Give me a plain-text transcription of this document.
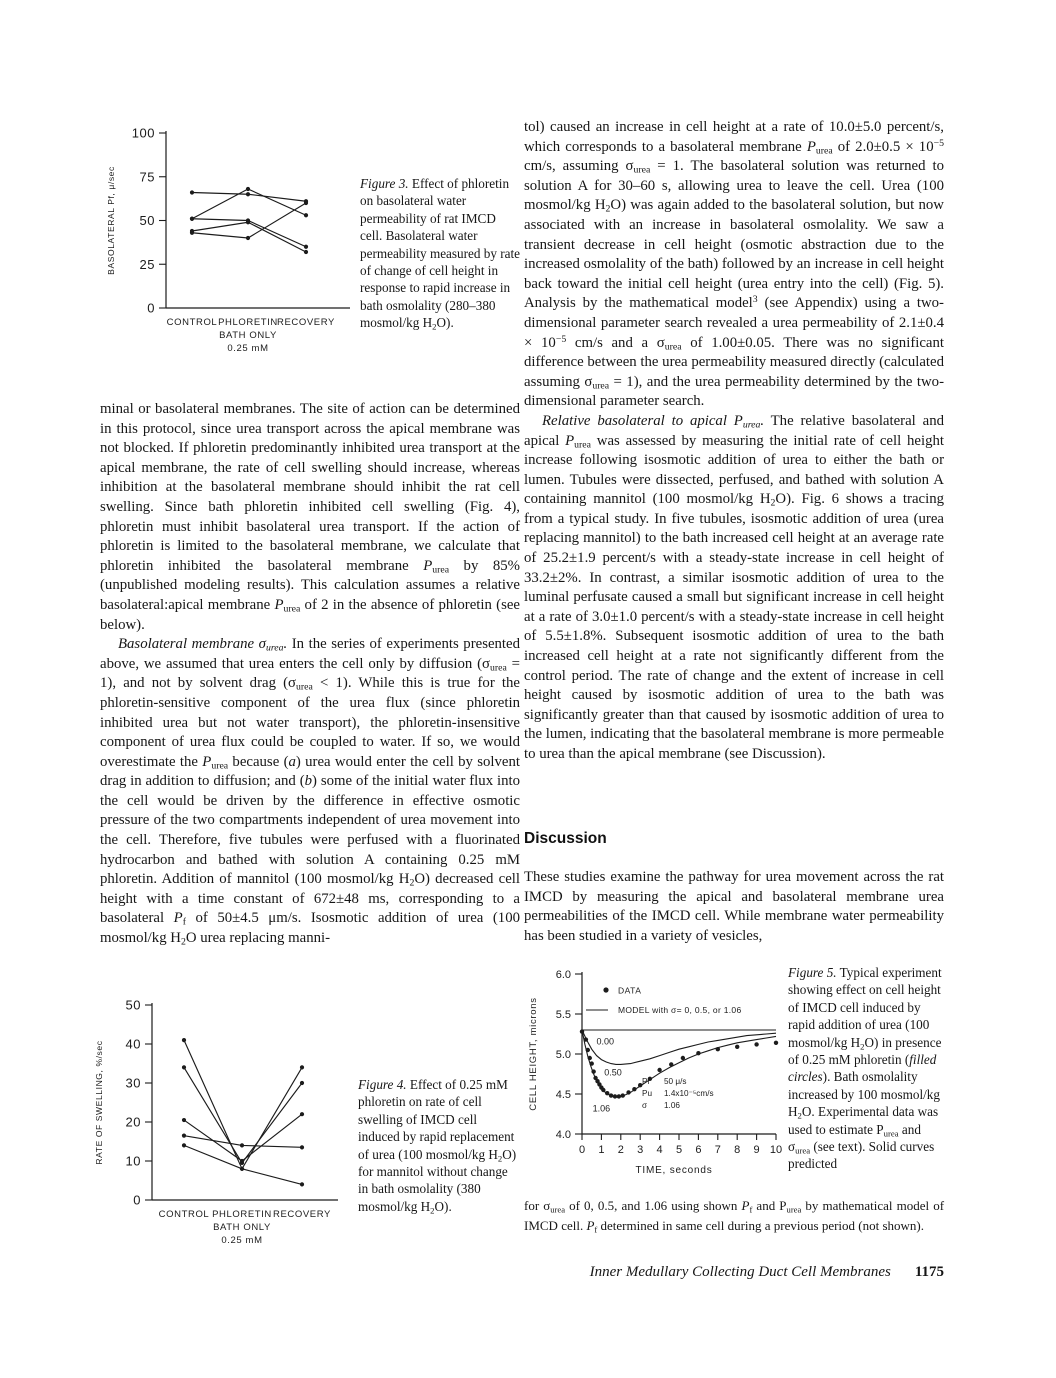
0
25
50
75
100
CONTROL PHLORETIN
BATH ONLY
0.25 mM
RECOVERY
BASOLATERAL Pf, μ/sec	Figure 3. Effect of phloretin on basolateral water permeability of rat IMCD cell. Basolateral water permeability measured by rate of change of cell height in response to rapid increase in bath osmolality (280–380 mosmol/kg $H_2O$).

minal or basolateral membranes. The site of action can be determined in this protocol, since urea transport across the apical membrane was not blocked. If phloretin predominantly inhibited urea transport at the apical membrane, the rate of cell swelling should increase, whereas inhibition at the basolateral membrane should inhibit the rat cell swelling. Since bath phloretin inhibited cell swelling (Fig. 4), phloretin must inhibit basolateral urea transport. If the action of phloretin is limited to the basolateral membrane, we calculate that phloretin inhibited the basolateral membrane $P_{urea}$ by 85% (unpublished modeling results). This calculation assumes a relative basolateral:apical membrane $P_{urea}$ of 2 in the absence of phloretin (see below).

Basolateral membrane $\sigma_{urea}$. In the series of experiments presented above, we assumed that urea enters the cell only by diffusion $(\sigma_{urea} = 1)$, and not by solvent drag $(\sigma_{urea} < 1)$. While this is true for the phloretin-sensitive component of the urea flux (since phloretin inhibited urea but not water transport), the phloretin-insensitive component of urea flux could be coupled to water. If so, we would overestimate the $P_{urea}$ because (a) urea would enter the cell by solvent drag in addition to diffusion; and (b) some of the initial water flux into the cell would be driven by the difference in effective osmotic pressure of the two compartments independent of urea movement into the cell. Therefore, five tubules were perfused with a fluorinated hydrocarbon and bathed with solution A containing 0.25 mM phloretin. Addition of mannitol (100 mosmol/kg $H_2O$) decreased cell height with a time constant of 672±48 ms, corresponding to a basolateral $P_f$ of 50±4.5 μm/s. Isosmotic addition of urea (100 mosmol/kg $H_2O$ urea replacing manni-

0
10
20
30
40
50
CONTROL PHLORETIN
BATH ONLY
0.25 mM
RECOVERY
RATE OF SWELLING, %/sec	Figure 4. Effect of 0.25 mM phloretin on rate of cell swelling of IMCD cell induced by rapid replacement of urea (100 mosmol/kg $H_2O$) for mannitol without change in bath osmolality (380 mosmol/kg $H_2O$).

tol) caused an increase in cell height at a rate of 10.0±5.0 percent/s, which corresponds to a basolateral membrane $P_{urea}$ of $2.0\pm 0.5 \times 10^{-5}$ cm/s, assuming $\sigma_{urea} = 1$. The basolateral solution was returned to solution A for 30–60 s, allowing urea to leave the cell. Urea (100 mosmol/kg $H_2O$) was again added to the basolateral solution, but now associated with an increase in basolateral osmolality. We saw a transient decrease in cell height (osmotic abstraction due to the increased osmolality of the bath) followed by an increase in cell height back toward the initial cell height (urea entry into the cell) (Fig. 5). Analysis by the mathematical model$^3$ (see Appendix) using a two-dimensional parameter search revealed a urea permeability of $2.1\pm 0.4 \times 10^{-5}$ cm/s and a $\sigma_{urea}$ of 1.00±0.05. There was no significant difference between the urea permeability measured directly (calculated assuming $\sigma_{urea} = 1$), and the urea permeability determined by the two-dimensional parameter search.

Relative basolateral to apical $P_{urea}$. The relative basolateral and apical $P_{urea}$ was assessed by measuring the initial rate of cell height increase following isosmotic addition of urea to either the bath or lumen. Tubules were dissected, perfused, and bathed with solution A containing mannitol (100 mosmol/kg $H_2O$). Fig. 6 shows a tracing from a typical study. In five tubules, isosmotic addition of urea (urea replacing mannitol) to the bath increased cell height at an average rate of 25.2±1.9 percent/s with a steady-state increase in cell height of 33.2±2%. In contrast, a similar isosmotic addition of urea to the luminal perfusate caused a small but significant increase in cell height at a rate of 3.0±1.0 percent/s with a steady-state increase in cell height of 5.5±1.8%. Subsequent isosmotic addition of urea to the bath increased cell height at a rate not significantly different from the control period. The rate of change and the extent of increase in cell height caused by isosmotic addition of urea to the bath was significantly greater than that caused by isosmotic addition of urea to the lumen, indicating that the basolateral membrane is more permeable to urea than the apical membrane (see Discussion).

Discussion

These studies examine the pathway for urea movement across the rat IMCD by measuring the apical and basolateral membrane urea permeabilities of the IMCD cell. While membrane water permeability has been studied in a variety of vesicles,

4.0
4.5
5.0
5.5
6.0
0 1 2 3 4 5 6 7 8 9 10
TIME, seconds
CELL HEIGHT, microns
DATA
MODEL with σ= 0, 0.5, or 1.06
0.00
0.50
1.06
Pf 50 μ/s
Pu 1.4x10⁻⁵cm/s
σ 1.06
Figure 5. Typical experiment showing effect on cell height of IMCD cell induced by rapid addition of urea (100 mosmol/kg $H_2O$) in presence of 0.25 mM phloretin (filled circles). Bath osmolality increased by 100 mosmol/kg $H_2O$. Experimental data was used to estimate $P_{urea}$ and $\sigma_{urea}$ (see text). Solid curves predicted

for $\sigma_{urea}$ of 0, 0.5, and 1.06 using shown $P_f$ and $P_{urea}$ by mathematical model of IMCD cell. $P_f$ determined in same cell during a previous period (not shown).

Inner Medullary Collecting Duct Cell Membranes 1175
